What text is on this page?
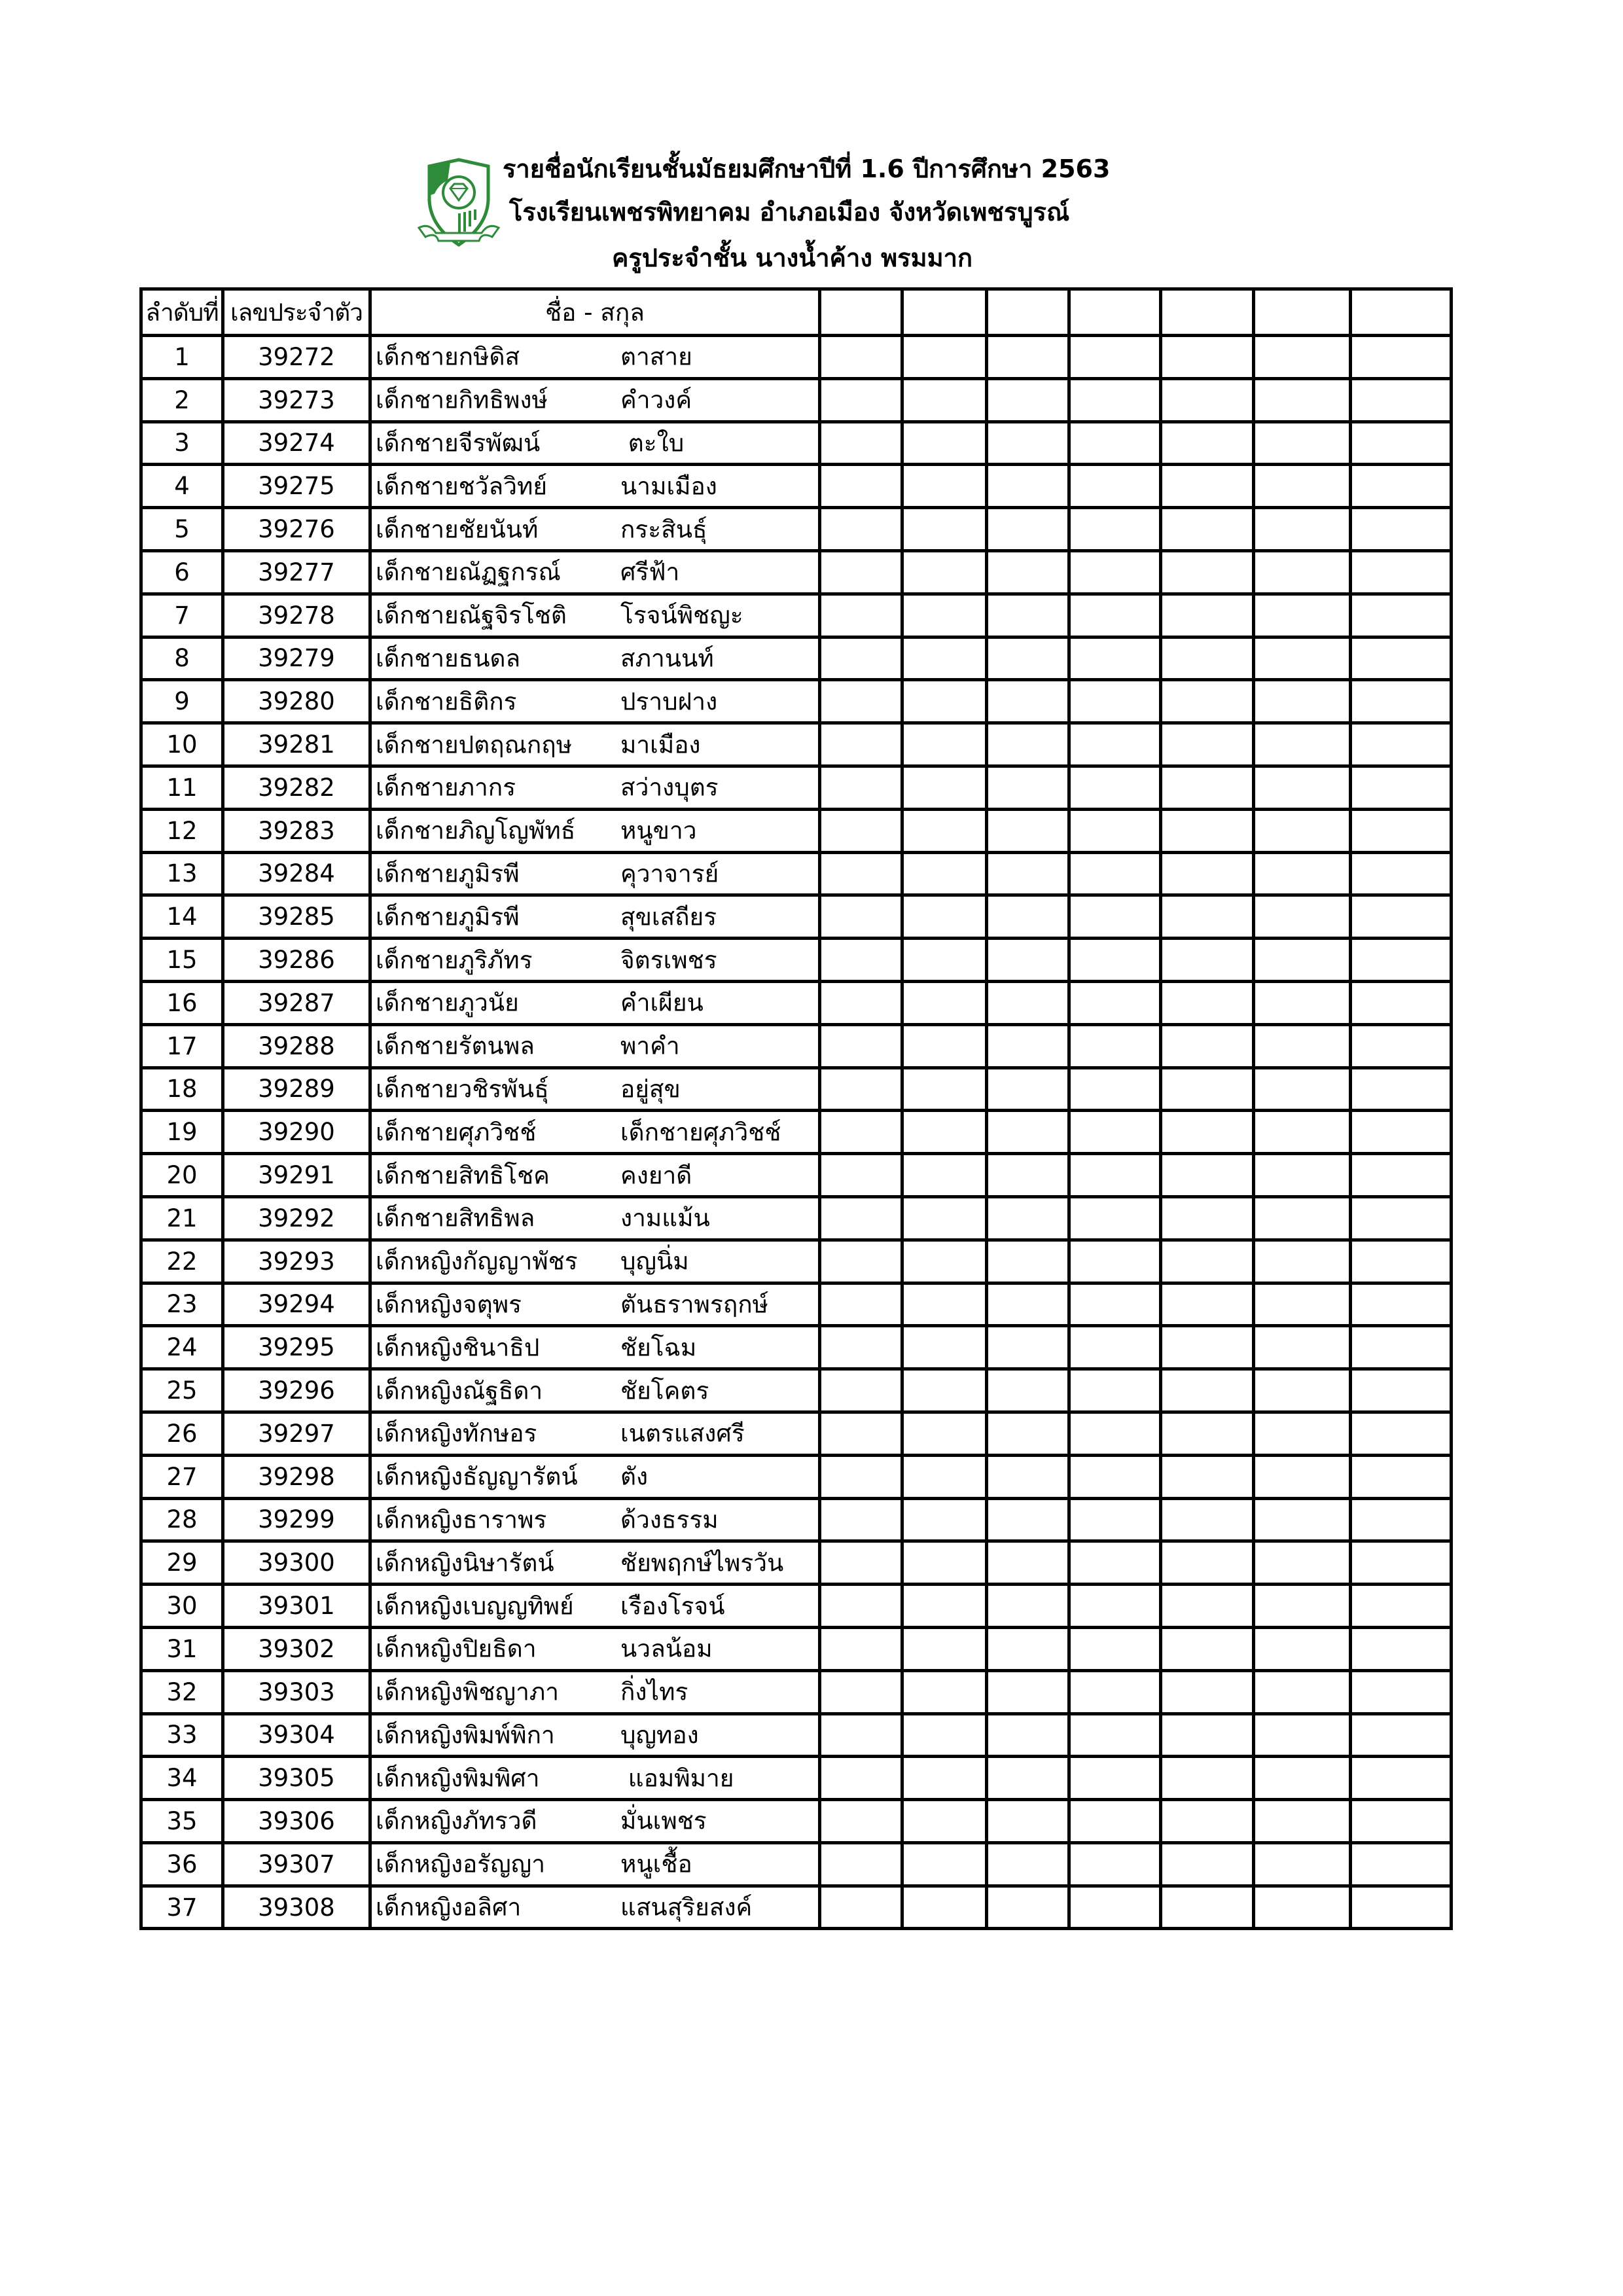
รายชื่อนักเรียนชั้นมัธยมศึกษาปีที่ 1.6 ปีการศึกษา 2563
โรงเรียนเพชรพิทยาคม อำเภอเมือง จังหวัดเพชรบูรณ์
ครูประจำชั้น นางน้ำค้าง พรมมาก
ลำดับที่	เลขประจำตัว	ชื่อ - สกุล							
1	39272	เด็กชายกษิดิส ตาสาย							

2	39273	เด็กชายกิทธิพงษ์ คำวงค์							

3	39274	เด็กชายจีรพัฒน์ ตะใบ							

4	39275	เด็กชายชวัลวิทย์ นามเมือง							

5	39276	เด็กชายชัยนันท์ กระสินธุ์							

6	39277	เด็กชายณัฏฐกรณ์ ศรีฟ้า							

7	39278	เด็กชายณัฐจิรโชติ โรจน์พิชญะ							

8	39279	เด็กชายธนดล สภานนท์							

9	39280	เด็กชายธิติกร ปราบฝาง							

10	39281	เด็กชายปตฤณกฤษ มาเมือง							

11	39282	เด็กชายภากร สว่างบุตร							

12	39283	เด็กชายภิญโญพัทธ์ หนูขาว							

13	39284	เด็กชายภูมิรพี คุวาจารย์							

14	39285	เด็กชายภูมิรพี สุขเสถียร							

15	39286	เด็กชายภูริภัทร จิตรเพชร							

16	39287	เด็กชายภูวนัย คำเผียน							

17	39288	เด็กชายรัตนพล พาคำ							

18	39289	เด็กชายวชิรพันธุ์ อยู่สุข							

19	39290	เด็กชายศุภวิชช์ เด็กชายศุภวิชช์							

20	39291	เด็กชายสิทธิโชค คงยาดี							

21	39292	เด็กชายสิทธิพล งามแม้น							

22	39293	เด็กหญิงกัญญาพัชร บุญนิ่ม							

23	39294	เด็กหญิงจตุพร ตันธราพรฤกษ์							

24	39295	เด็กหญิงชินาธิป ชัยโฉม							

25	39296	เด็กหญิงณัฐธิดา ชัยโคตร							

26	39297	เด็กหญิงทักษอร เนตรแสงศรี							

27	39298	เด็กหญิงธัญญารัตน์ ตัง							

28	39299	เด็กหญิงธาราพร ด้วงธรรม							

29	39300	เด็กหญิงนิษารัตน์ ชัยพฤกษ์ไพรวัน							

30	39301	เด็กหญิงเบญญทิพย์ เรืองโรจน์							

31	39302	เด็กหญิงปิยธิดา นวลน้อม							

32	39303	เด็กหญิงพิชญาภา กิ่งไทร							

33	39304	เด็กหญิงพิมพ์พิกา บุญทอง							

34	39305	เด็กหญิงพิมพิศา แอมพิมาย							

35	39306	เด็กหญิงภัทรวดี มั่นเพชร							

36	39307	เด็กหญิงอรัญญา หนูเชื้อ							

37	39308	เด็กหญิงอลิศา แสนสุริยสงค์							
